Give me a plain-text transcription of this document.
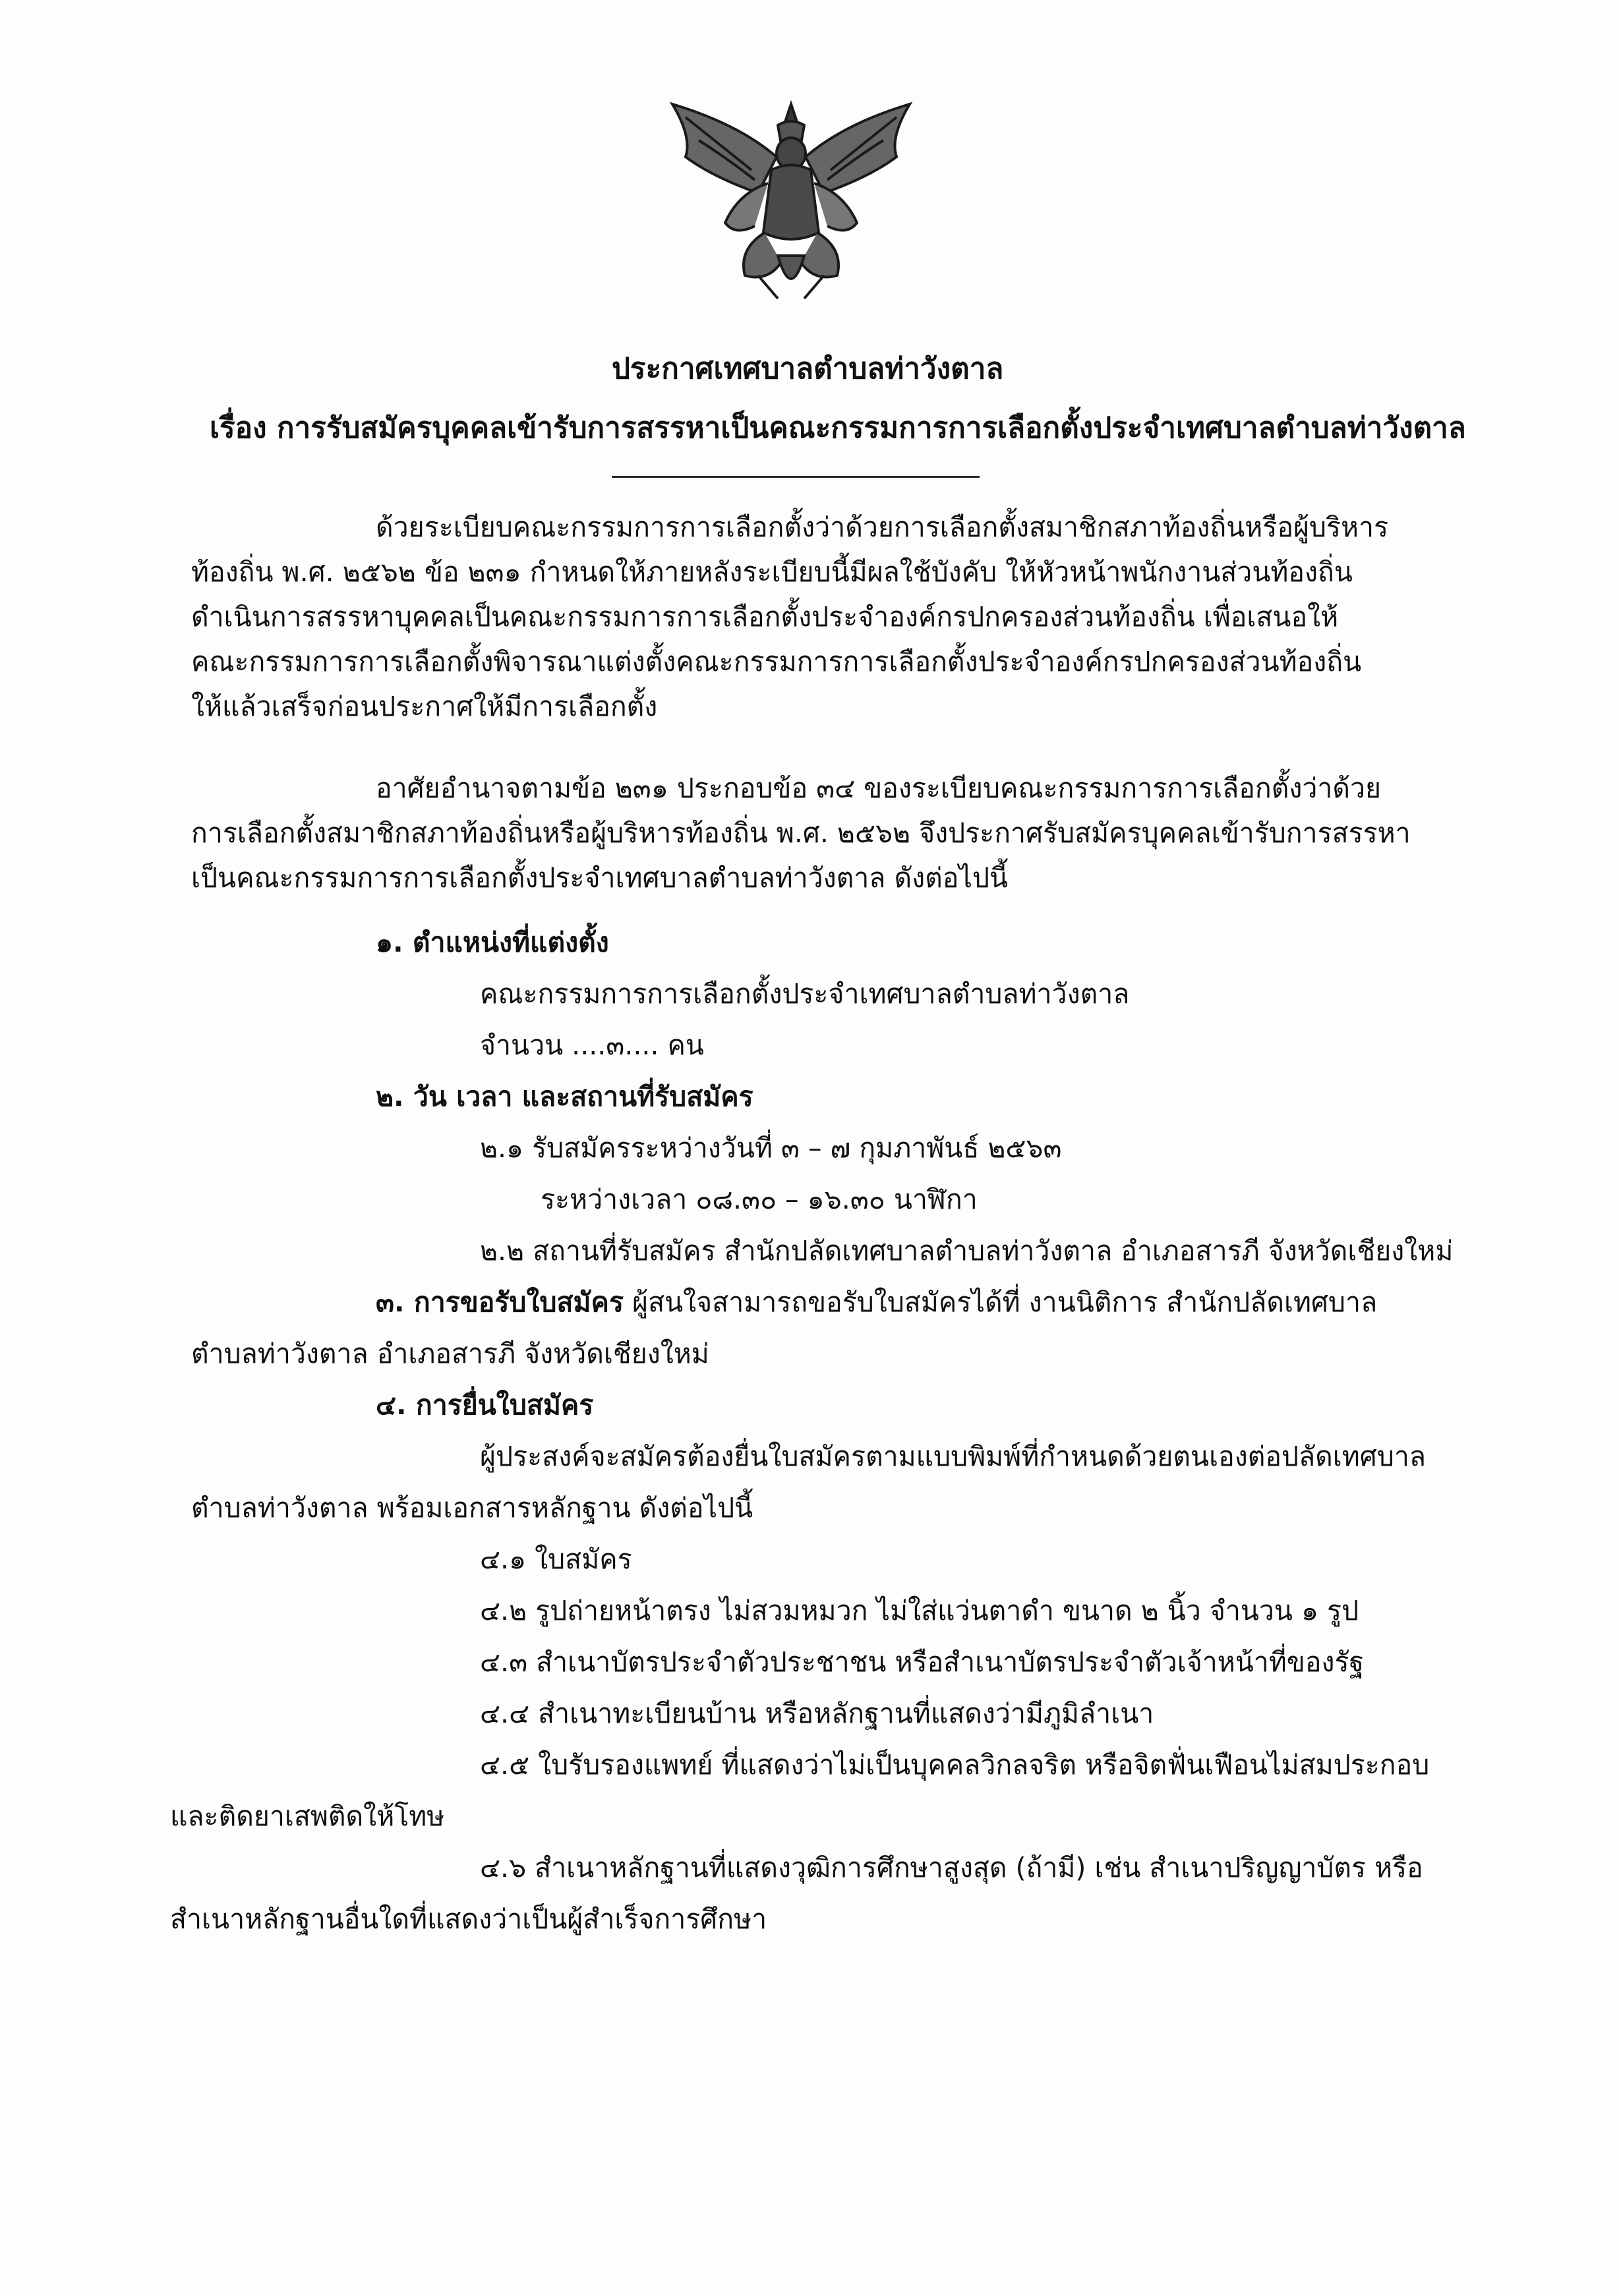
ประกาศเทศบาลตำบลท่าวังตาล
เรื่อง การรับสมัครบุคคลเข้ารับการสรรหาเป็นคณะกรรมการการเลือกตั้งประจำเทศบาลตำบลท่าวังตาล
ด้วยระเบียบคณะกรรมการการเลือกตั้งว่าด้วยการเลือกตั้งสมาชิกสภาท้องถิ่นหรือผู้บริหาร
ท้องถิ่น พ.ศ. ๒๕๖๒ ข้อ ๒๓๑ กำหนดให้ภายหลังระเบียบนี้มีผลใช้บังคับ ให้หัวหน้าพนักงานส่วนท้องถิ่น
ดำเนินการสรรหาบุคคลเป็นคณะกรรมการการเลือกตั้งประจำองค์กรปกครองส่วนท้องถิ่น เพื่อเสนอให้
คณะกรรมการการเลือกตั้งพิจารณาแต่งตั้งคณะกรรมการการเลือกตั้งประจำองค์กรปกครองส่วนท้องถิ่น
ให้แล้วเสร็จก่อนประกาศให้มีการเลือกตั้ง
อาศัยอำนาจตามข้อ ๒๓๑ ประกอบข้อ ๓๔ ของระเบียบคณะกรรมการการเลือกตั้งว่าด้วย
การเลือกตั้งสมาชิกสภาท้องถิ่นหรือผู้บริหารท้องถิ่น พ.ศ. ๒๕๖๒ จึงประกาศรับสมัครบุคคลเข้ารับการสรรหา
เป็นคณะกรรมการการเลือกตั้งประจำเทศบาลตำบลท่าวังตาล ดังต่อไปนี้
๑. ตำแหน่งที่แต่งตั้ง
คณะกรรมการการเลือกตั้งประจำเทศบาลตำบลท่าวังตาล
จำนวน ....๓.... คน
๒. วัน เวลา และสถานที่รับสมัคร
๒.๑ รับสมัครระหว่างวันที่ ๓ – ๗ กุมภาพันธ์ ๒๕๖๓
ระหว่างเวลา ๐๘.๓๐ – ๑๖.๓๐ นาฬิกา
๒.๒ สถานที่รับสมัคร สำนักปลัดเทศบาลตำบลท่าวังตาล อำเภอสารภี จังหวัดเชียงใหม่
๓. การขอรับใบสมัคร ผู้สนใจสามารถขอรับใบสมัครได้ที่ งานนิติการ สำนักปลัดเทศบาล
ตำบลท่าวังตาล อำเภอสารภี จังหวัดเชียงใหม่
๔. การยื่นใบสมัคร
ผู้ประสงค์จะสมัครต้องยื่นใบสมัครตามแบบพิมพ์ที่กำหนดด้วยตนเองต่อปลัดเทศบาล
ตำบลท่าวังตาล พร้อมเอกสารหลักฐาน ดังต่อไปนี้
๔.๑ ใบสมัคร
๔.๒ รูปถ่ายหน้าตรง ไม่สวมหมวก ไม่ใส่แว่นตาดำ ขนาด ๒ นิ้ว จำนวน ๑ รูป
๔.๓ สำเนาบัตรประจำตัวประชาชน หรือสำเนาบัตรประจำตัวเจ้าหน้าที่ของรัฐ
๔.๔ สำเนาทะเบียนบ้าน หรือหลักฐานที่แสดงว่ามีภูมิลำเนา
๔.๕ ใบรับรองแพทย์ ที่แสดงว่าไม่เป็นบุคคลวิกลจริต หรือจิตฟั่นเฟือนไม่สมประกอบ
และติดยาเสพติดให้โทษ
๔.๖ สำเนาหลักฐานที่แสดงวุฒิการศึกษาสูงสุด (ถ้ามี) เช่น สำเนาปริญญาบัตร หรือ
สำเนาหลักฐานอื่นใดที่แสดงว่าเป็นผู้สำเร็จการศึกษา
